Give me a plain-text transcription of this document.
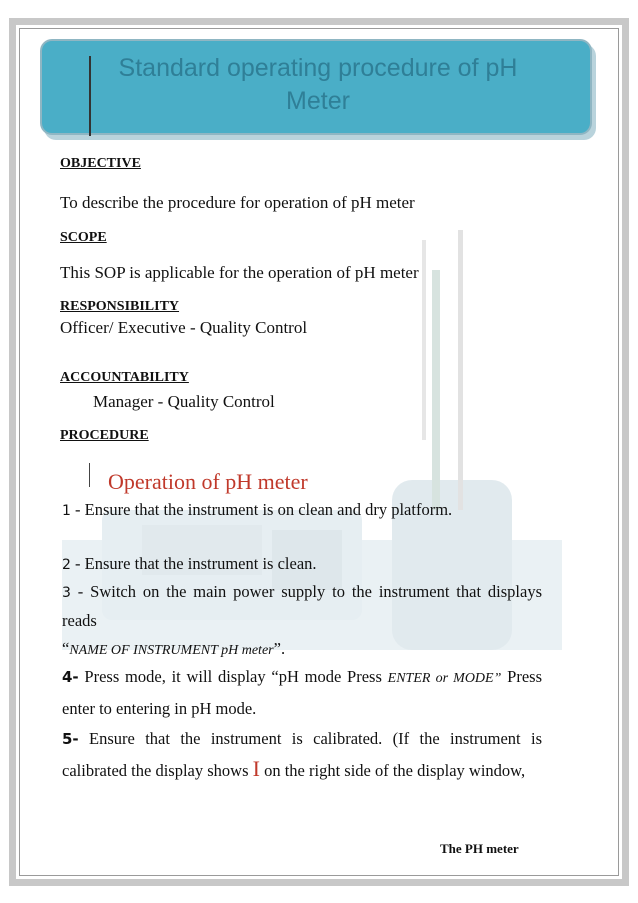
Standard operating procedure of pH
Meter
OBJECTIVE
To describe the procedure for operation of pH meter
SCOPE
This SOP is applicable for the operation of pH meter
RESPONSIBILITY
Officer/ Executive - Quality Control
ACCOUNTABILITY
Manager - Quality Control
PROCEDURE
Operation of pH meter
1 - Ensure that the instrument is on clean and dry platform.
2 - Ensure that the instrument is clean.
3 - Switch on the main power supply to the instrument that displays reads
“NAME OF INSTRUMENT pH meter”.
4- Press mode, it will display “pH mode Press ENTER or MODE” Press enter to entering in pH mode.
5- Ensure that the instrument is calibrated. (If the instrument is calibrated the display shows I on the right side of the display window,
The PH meter
